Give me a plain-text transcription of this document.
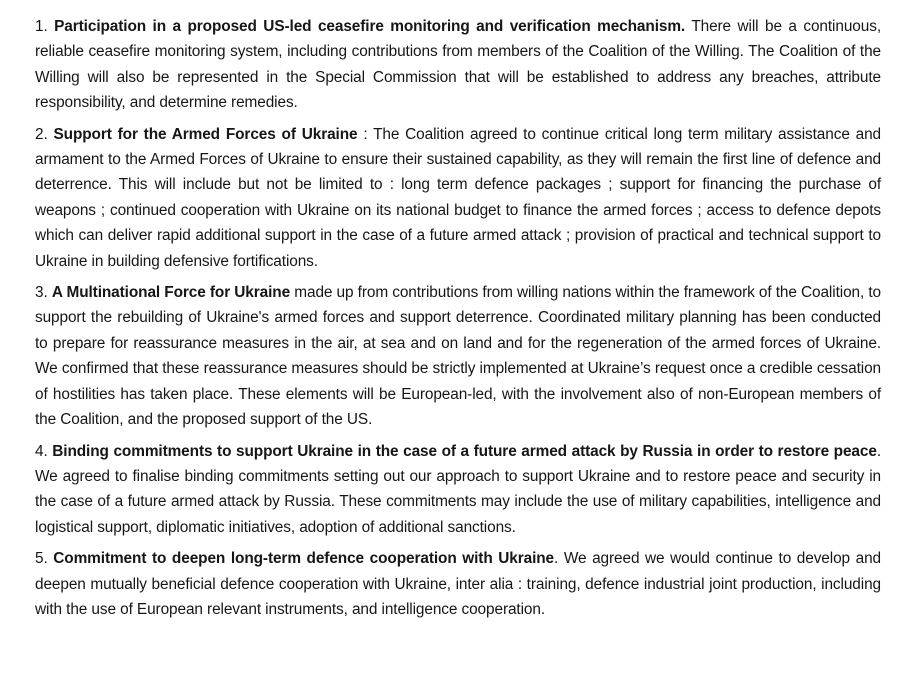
1. Participation in a proposed US-led ceasefire monitoring and verification mechanism. There will be a continuous, reliable ceasefire monitoring system, including contributions from members of the Coalition of the Willing. The Coalition of the Willing will also be represented in the Special Commission that will be established to address any breaches, attribute responsibility, and determine remedies.

2. Support for the Armed Forces of Ukraine : The Coalition agreed to continue critical long term military assistance and armament to the Armed Forces of Ukraine to ensure their sustained capability, as they will remain the first line of defence and deterrence. This will include but not be limited to : long term defence packages ; support for financing the purchase of weapons ; continued cooperation with Ukraine on its national budget to finance the armed forces ; access to defence depots which can deliver rapid additional support in the case of a future armed attack ; provision of practical and technical support to Ukraine in building defensive fortifications.

3. A Multinational Force for Ukraine made up from contributions from willing nations within the framework of the Coalition, to support the rebuilding of Ukraine's armed forces and support deterrence. Coordinated military planning has been conducted to prepare for reassurance measures in the air, at sea and on land and for the regeneration of the armed forces of Ukraine. We confirmed that these reassurance measures should be strictly implemented at Ukraine’s request once a credible cessation of hostilities has taken place. These elements will be European-led, with the involvement also of non-European members of the Coalition, and the proposed support of the US.

4. Binding commitments to support Ukraine in the case of a future armed attack by Russia in order to restore peace. We agreed to finalise binding commitments setting out our approach to support Ukraine and to restore peace and security in the case of a future armed attack by Russia. These commitments may include the use of military capabilities, intelligence and logistical support, diplomatic initiatives, adoption of additional sanctions.

5. Commitment to deepen long-term defence cooperation with Ukraine. We agreed we would continue to develop and deepen mutually beneficial defence cooperation with Ukraine, inter alia : training, defence industrial joint production, including with the use of European relevant instruments, and intelligence cooperation.
